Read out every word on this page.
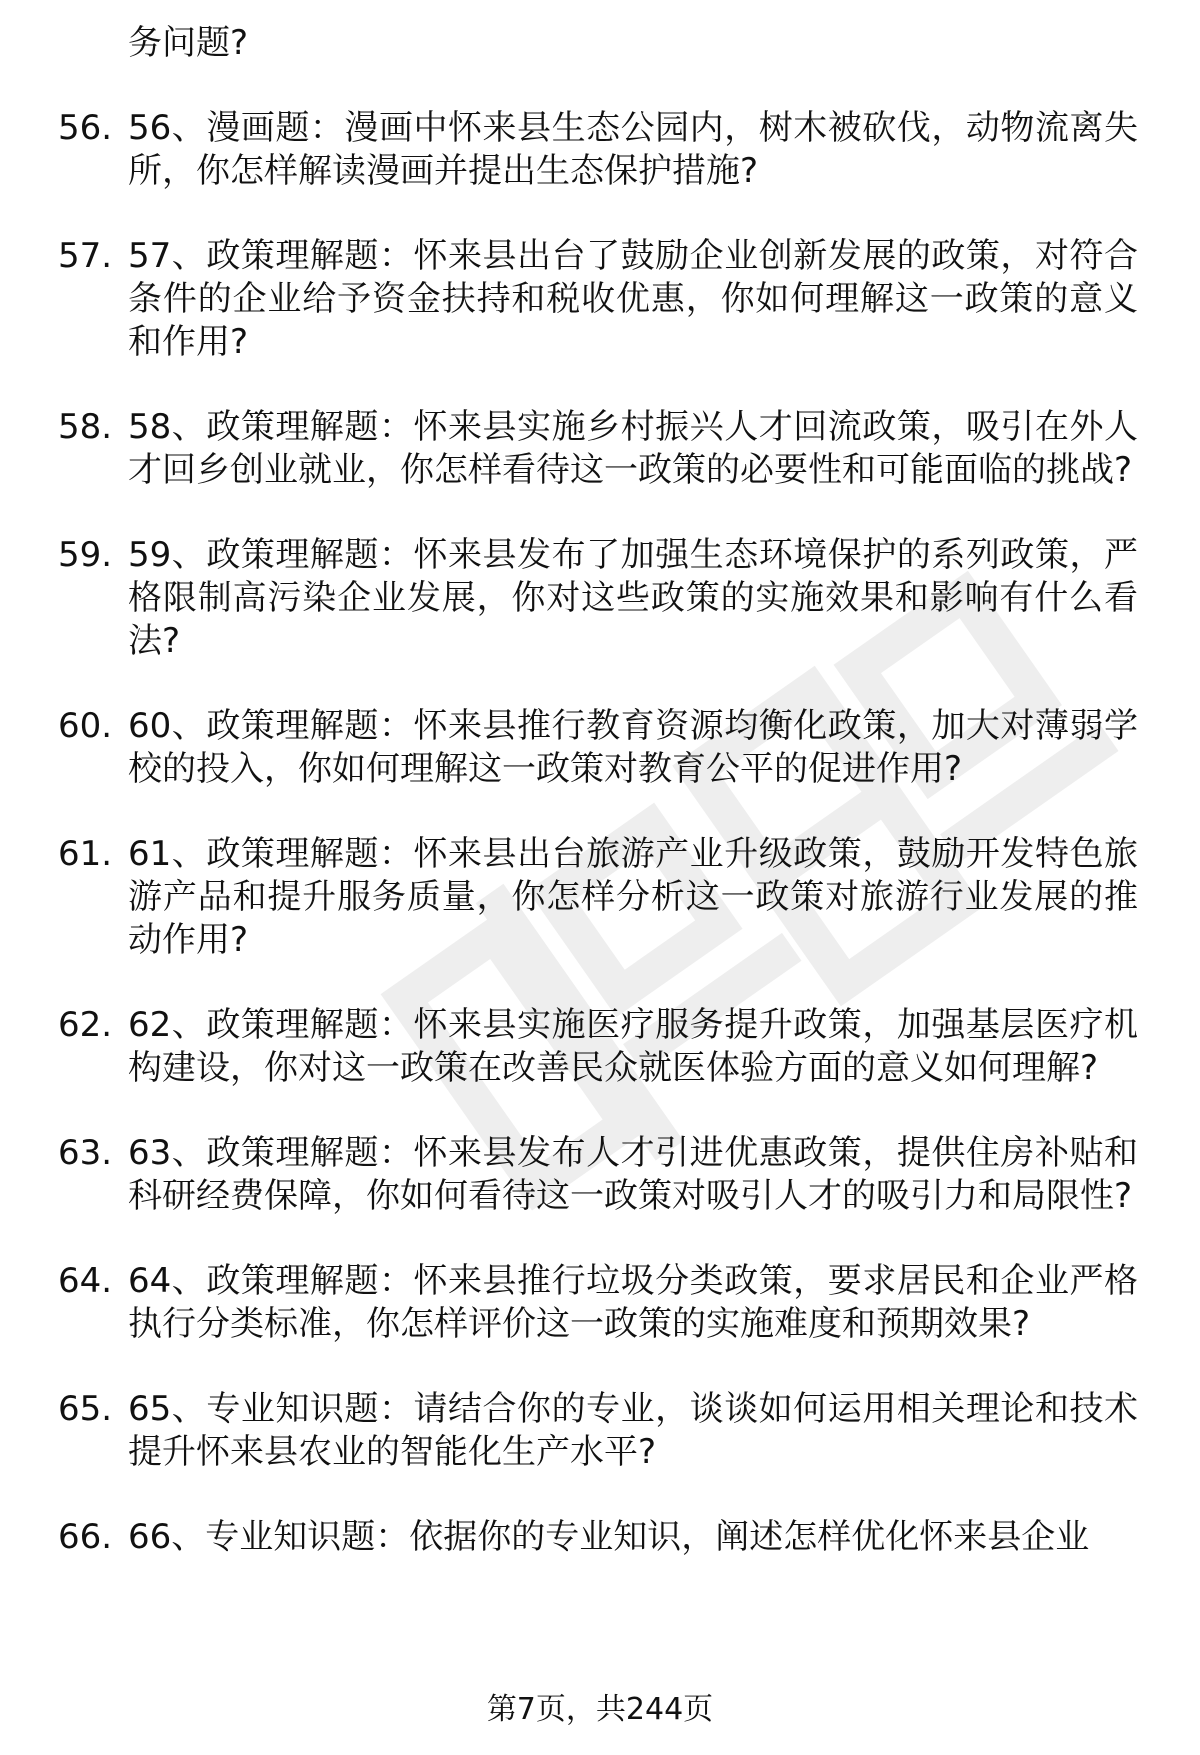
务问题?
56. 56、漫画题：漫画中怀来县生态公园内，树木被砍伐，动物流离失所，你怎样解读漫画并提出生态保护措施?
57. 57、政策理解题：怀来县出台了鼓励企业创新发展的政策，对符合条件的企业给予资金扶持和税收优惠，你如何理解这一政策的意义和作用?
58. 58、政策理解题：怀来县实施乡村振兴人才回流政策，吸引在外人才回乡创业就业，你怎样看待这一政策的必要性和可能面临的挑战?
59. 59、政策理解题：怀来县发布了加强生态环境保护的系列政策，严格限制高污染企业发展，你对这些政策的实施效果和影响有什么看法?
60. 60、政策理解题：怀来县推行教育资源均衡化政策，加大对薄弱学校的投入，你如何理解这一政策对教育公平的促进作用?
61. 61、政策理解题：怀来县出台旅游产业升级政策，鼓励开发特色旅游产品和提升服务质量，你怎样分析这一政策对旅游行业发展的推动作用?
62. 62、政策理解题：怀来县实施医疗服务提升政策，加强基层医疗机构建设，你对这一政策在改善民众就医体验方面的意义如何理解?
63. 63、政策理解题：怀来县发布人才引进优惠政策，提供住房补贴和科研经费保障，你如何看待这一政策对吸引人才的吸引力和局限性?
64. 64、政策理解题：怀来县推行垃圾分类政策，要求居民和企业严格执行分类标准，你怎样评价这一政策的实施难度和预期效果?
65. 65、专业知识题：请结合你的专业，谈谈如何运用相关理论和技术提升怀来县农业的智能化生产水平?
66. 66、专业知识题：依据你的专业知识，阐述怎样优化怀来县企业
第7页，共244页
